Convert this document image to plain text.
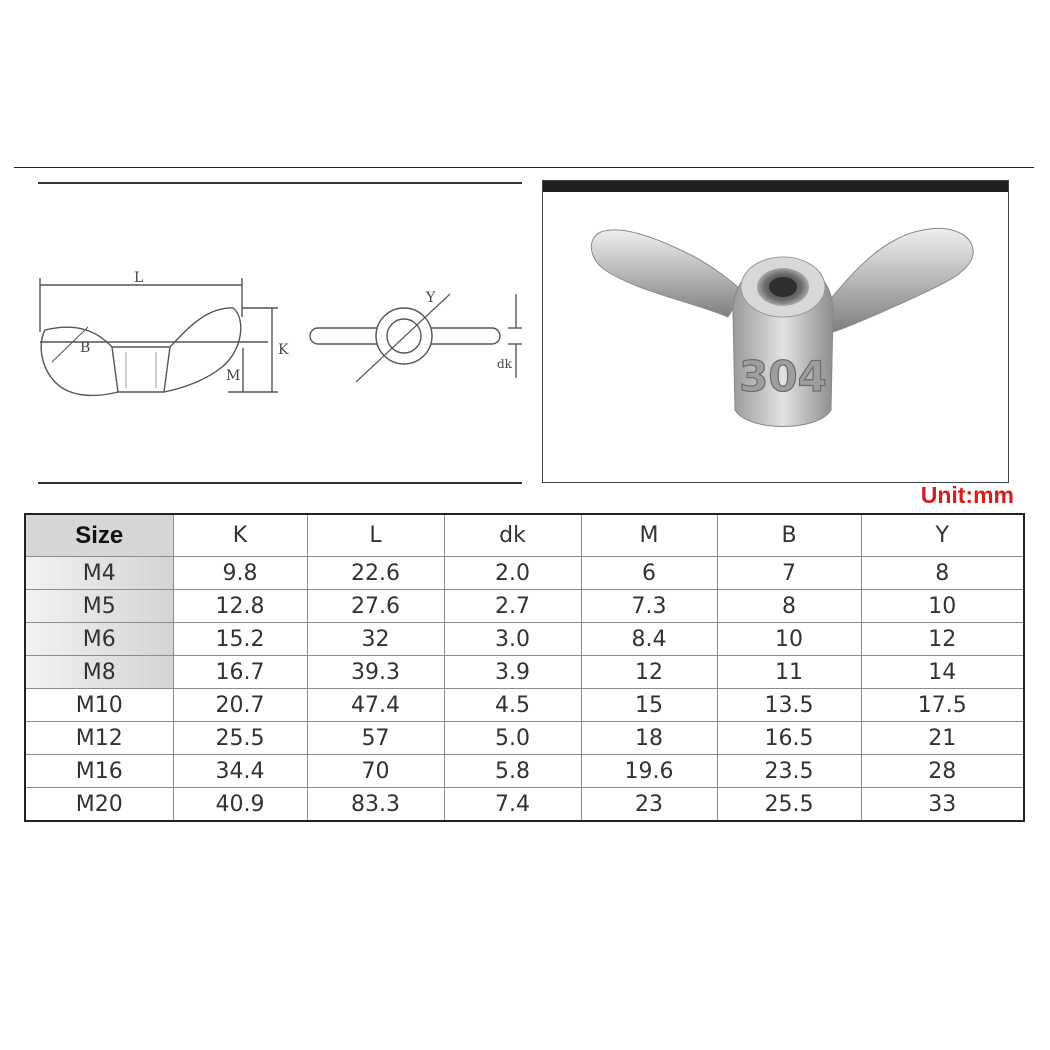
L
B	K
M
Y
dk	304
Unit:mm
Size	K	L	dk	M	B	Y
M4	9.8	22.6	2.0	6	7	8
M5	12.8	27.6	2.7	7.3	8	10
M6	15.2	32	3.0	8.4	10	12
M8	16.7	39.3	3.9	12	11	14
M10	20.7	47.4	4.5	15	13.5	17.5
M12	25.5	57	5.0	18	16.5	21
M16	34.4	70	5.8	19.6	23.5	28
M20	40.9	83.3	7.4	23	25.5	33
